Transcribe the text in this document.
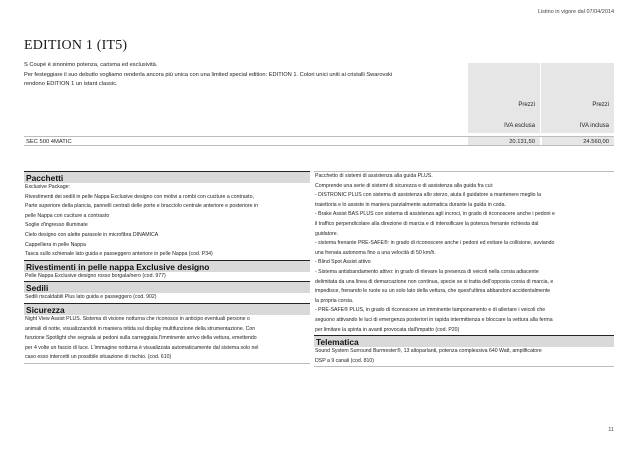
Listino in vigore dal 07/04/2014
EDITION 1 (IT5)
S Coupé è sinonimo potenza, carisma ed esclusività.
Per festeggiare il suo debutto vogliamo renderla ancora più unica con una limited special edition: EDITION 1. Colori unici uniti ai cristalli Swarovski
rendono EDITION 1 un istant classic.
Prezzi
IVA esclusa
Prezzi
IVA inclusa
SEC 500 4MATIC	20.131,50	24.560,00
Pacchetti
Exclusive Package:
Rivestimenti dei sedili in pelle Nappa Exclusive designo con motivi a rombi con cuciture a contrasto,
Parte superiore della plancia, pannelli centrali delle porte e bracciolo centrale anteriore e posteriore in
pelle Nappa con cuciture a contrasto
Soglie d'ingresso illuminate
Cielo designo con alette parasole in microfibra DINAMICA
Cappelliera in pelle Nappa
Tasca sullo schienale lato guida e passeggero anteriore in pelle Nappa (cod. P34)
Rivestimenti in pelle nappa Exclusive designo
Pelle Nappa Exclusive designo rosso borgala/nero (cod. 977)
Sedili
Sedili riscaldabili Plus lato guida e passeggero (cod. 902)
Sicurezza
Night View Assist PLUS. Sistema di visione notturna che riconosce in anticipo eventuali persone o
animali di notte, visualizzandoli in maniera nitida sul display multifunzione della strumentazione. Con
funzione Spotlight che segnala ai pedoni sulla carreggiata l'imminente arrivo della vettura, emettendo
per 4 volte un fascio di luce. L'immagine notturna è visualizzata automaticamente dal sistema solo nel
caso esso intercetti un possibile situazione di rischio. (cod. 610)
Pacchetto di sistemi di assistenza alla guida PLUS.
Comprende una serie di sistemi di sicurezza e di assistenza alla guida fra cui:
- DISTRONIC PLUS con sistema di assistenza allo sterzo, aiuta il guidatore a mantenere meglio la
traiettoria e lo assiste in maniera parzialmente automatica durante la guida in coda.
- Brake Assist BAS PLUS con sistema di assistenza agli incroci, in grado di riconoscere anche i pedoni e
il traffico perpendicolare alla direzione di marcia e di intensificare la potenza frenante richiesta dal
guidatore.
- sistema frenante PRE-SAFE®: in grado di riconoscere anche i pedoni ed evitare la collisione, avviando
una frenata autonoma fino a una velocità di 50 km/h.
- Blind Spot Assist attivo
- Sistema antisbandamento attivo: in grado di rilevare la presenza di veicoli nella corsia adiacente
delimitata da una linea di demarcazione non continua, specie se si tratta dell'opposta corsia di marcia, e
impedisce, frenando le ruote su un solo lato della vettura, che quest'ultima abbandoni accidentalmente
la propria corsia.
- PRE-SAFE® PLUS, in grado di riconoscere un imminente tamponamento e di allertare i veicoli che
seguono attivando le luci di emergenza posteriori in rapida intermittenza e bloccare la vettura alla ferma
per limitare la spinta in avanti provocata dall'impatto (cod. P20)
Telematica
Sound System Surround Burmester®, 13 altoparlanti, potenza complessiva 640 Watt, amplificatore
DSP a 9 canali (cod. 810)
11
